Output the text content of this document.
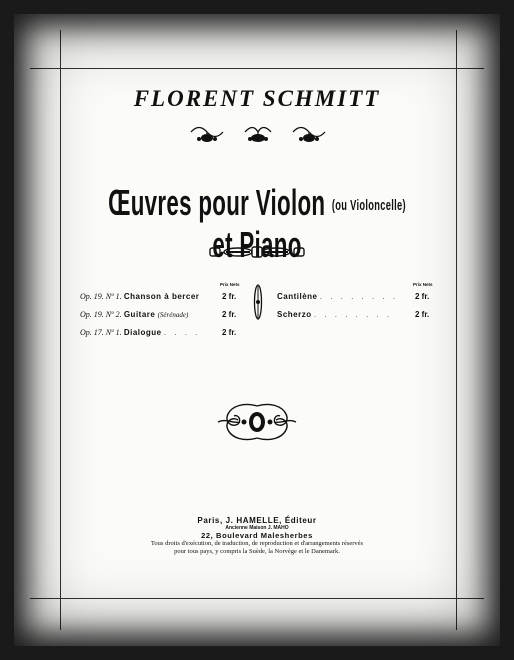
FLORENT SCHMITT
Œuvres pour Violon (ou Violoncelle) et Piano
Prix Nets
Op. 19. Nº 1. Chanson à bercer	2 fr.
Op. 19. Nº 2. Guitare (Sérénade)	2 fr.
Op. 17. Nº 1. Dialogue . . . .	2 fr.
Prix Nets
Cantilène . . . . . . . . 2 fr.
Scherzo . . . . . . . .	2 fr.
Paris, J. HAMELLE, Éditeur
Ancienne Maison J. MAHO
22, Boulevard Malesherbes
Tous droits d'exécution, de traduction, de reproduction et d'arrangements réservés
pour tous pays, y compris la Suède, la Norvège et le Danemark.
